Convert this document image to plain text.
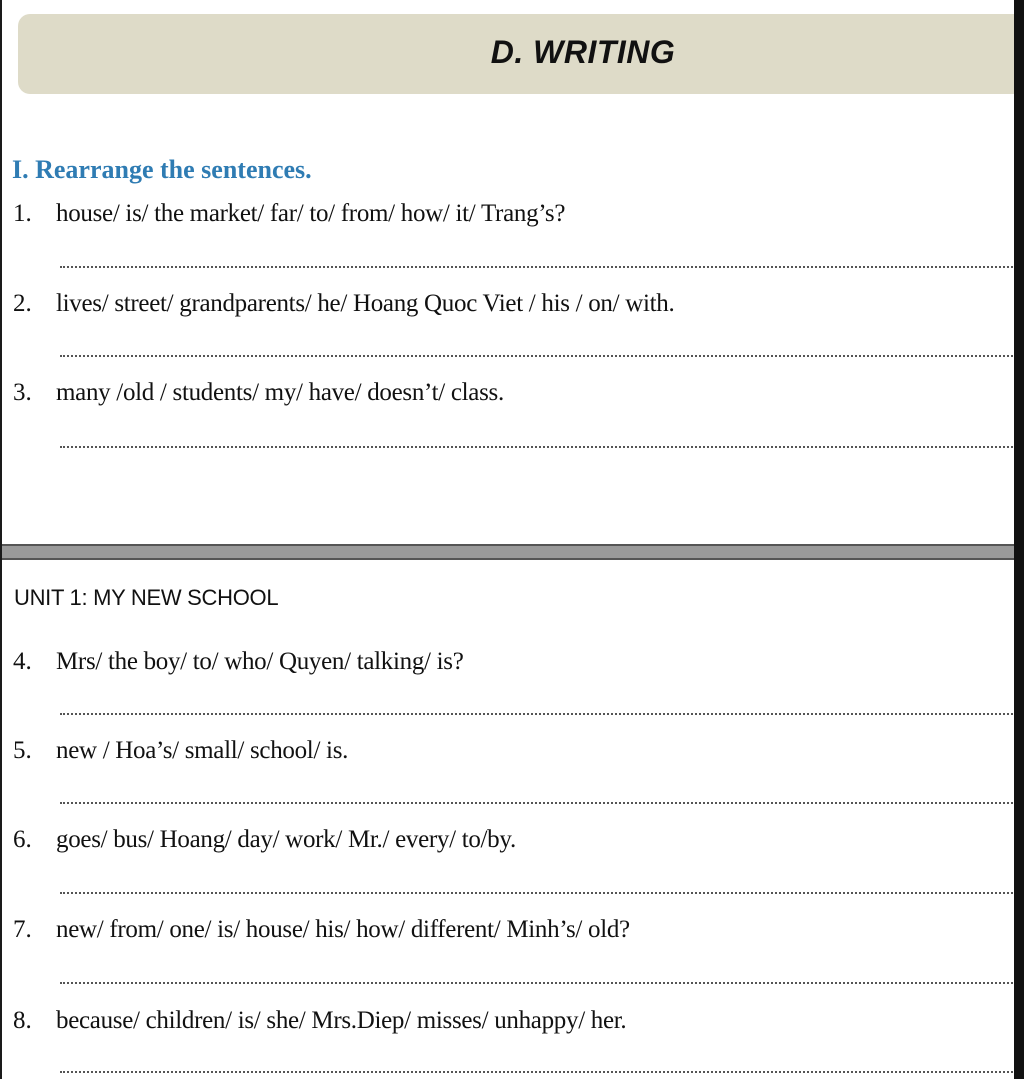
D. WRITING
I. Rearrange the sentences.
1. house/ is/ the market/ far/ to/ from/ how/ it/ Trang’s?
2. lives/ street/ grandparents/ he/ Hoang Quoc Viet / his / on/ with.
3. many /old / students/ my/ have/ doesn’t/ class.
UNIT 1: MY NEW SCHOOL
4. Mrs/ the boy/ to/ who/ Quyen/ talking/ is?
5. new / Hoa’s/ small/ school/ is.
6. goes/ bus/ Hoang/ day/ work/ Mr./ every/ to/by.
7. new/ from/ one/ is/ house/ his/ how/ different/ Minh’s/ old?
8. because/ children/ is/ she/ Mrs.Diep/ misses/ unhappy/ her.
